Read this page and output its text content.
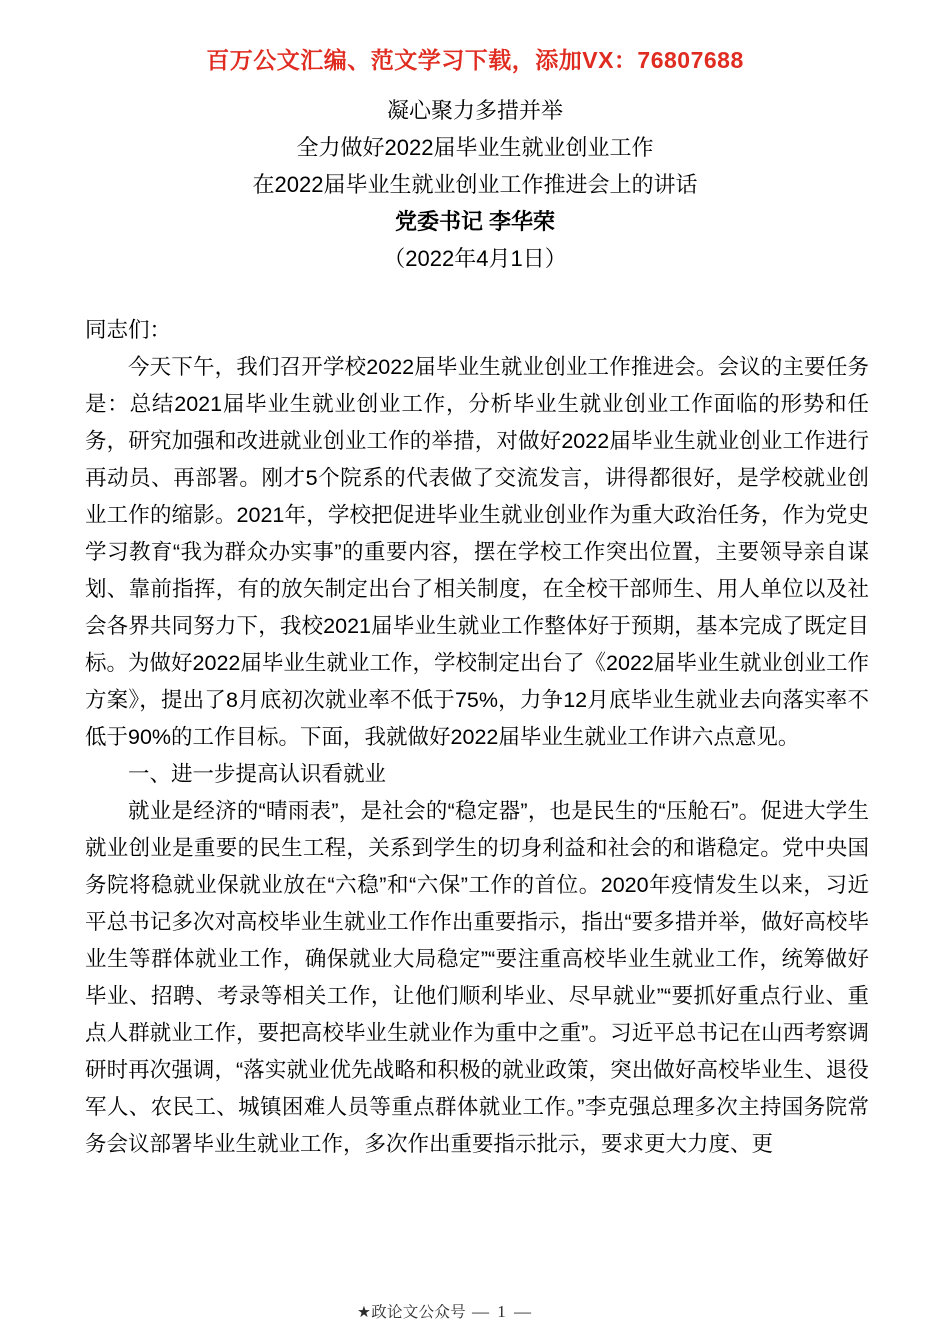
百万公文汇编、范文学习下载，添加VX：76807688
凝心聚力多措并举
全力做好2022届毕业生就业创业工作
在2022届毕业生就业创业工作推进会上的讲话
党委书记 李华荣
（2022年4月1日）

同志们：

今天下午，我们召开学校2022届毕业生就业创业工作推进会。会议的主要任务是：总结2021届毕业生就业创业工作，分析毕业生就业创业工作面临的形势和任务，研究加强和改进就业创业工作的举措，对做好2022届毕业生就业创业工作进行再动员、再部署。刚才5个院系的代表做了交流发言，讲得都很好，是学校就业创业工作的缩影。2021年，学校把促进毕业生就业创业作为重大政治任务，作为党史学习教育“我为群众办实事”的重要内容，摆在学校工作突出位置，主要领导亲自谋划、靠前指挥，有的放矢制定出台了相关制度，在全校干部师生、用人单位以及社会各界共同努力下，我校2021届毕业生就业工作整体好于预期，基本完成了既定目标。为做好2022届毕业生就业工作，学校制定出台了《2022届毕业生就业创业工作方案》，提出了8月底初次就业率不低于75%，力争12月底毕业生就业去向落实率不低于90%的工作目标。下面，我就做好2022届毕业生就业工作讲六点意见。

一、进一步提高认识看就业

就业是经济的“晴雨表”，是社会的“稳定器”，也是民生的“压舱石”。促进大学生就业创业是重要的民生工程，关系到学生的切身利益和社会的和谐稳定。党中央国务院将稳就业保就业放在“六稳”和“六保”工作的首位。2020年疫情发生以来，习近平总书记多次对高校毕业生就业工作作出重要指示，指出“要多措并举，做好高校毕业生等群体就业工作，确保就业大局稳定”“要注重高校毕业生就业工作，统筹做好毕业、招聘、考录等相关工作，让他们顺利毕业、尽早就业”“要抓好重点行业、重点人群就业工作，要把高校毕业生就业作为重中之重”。习近平总书记在山西考察调研时再次强调，“落实就业优先战略和积极的就业政策，突出做好高校毕业生、退役军人、农民工、城镇困难人员等重点群体就业工作。”李克强总理多次主持国务院常务会议部署毕业生就业工作，多次作出重要指示批示，要求更大力度、更

★政论文公众号 — 1 —
